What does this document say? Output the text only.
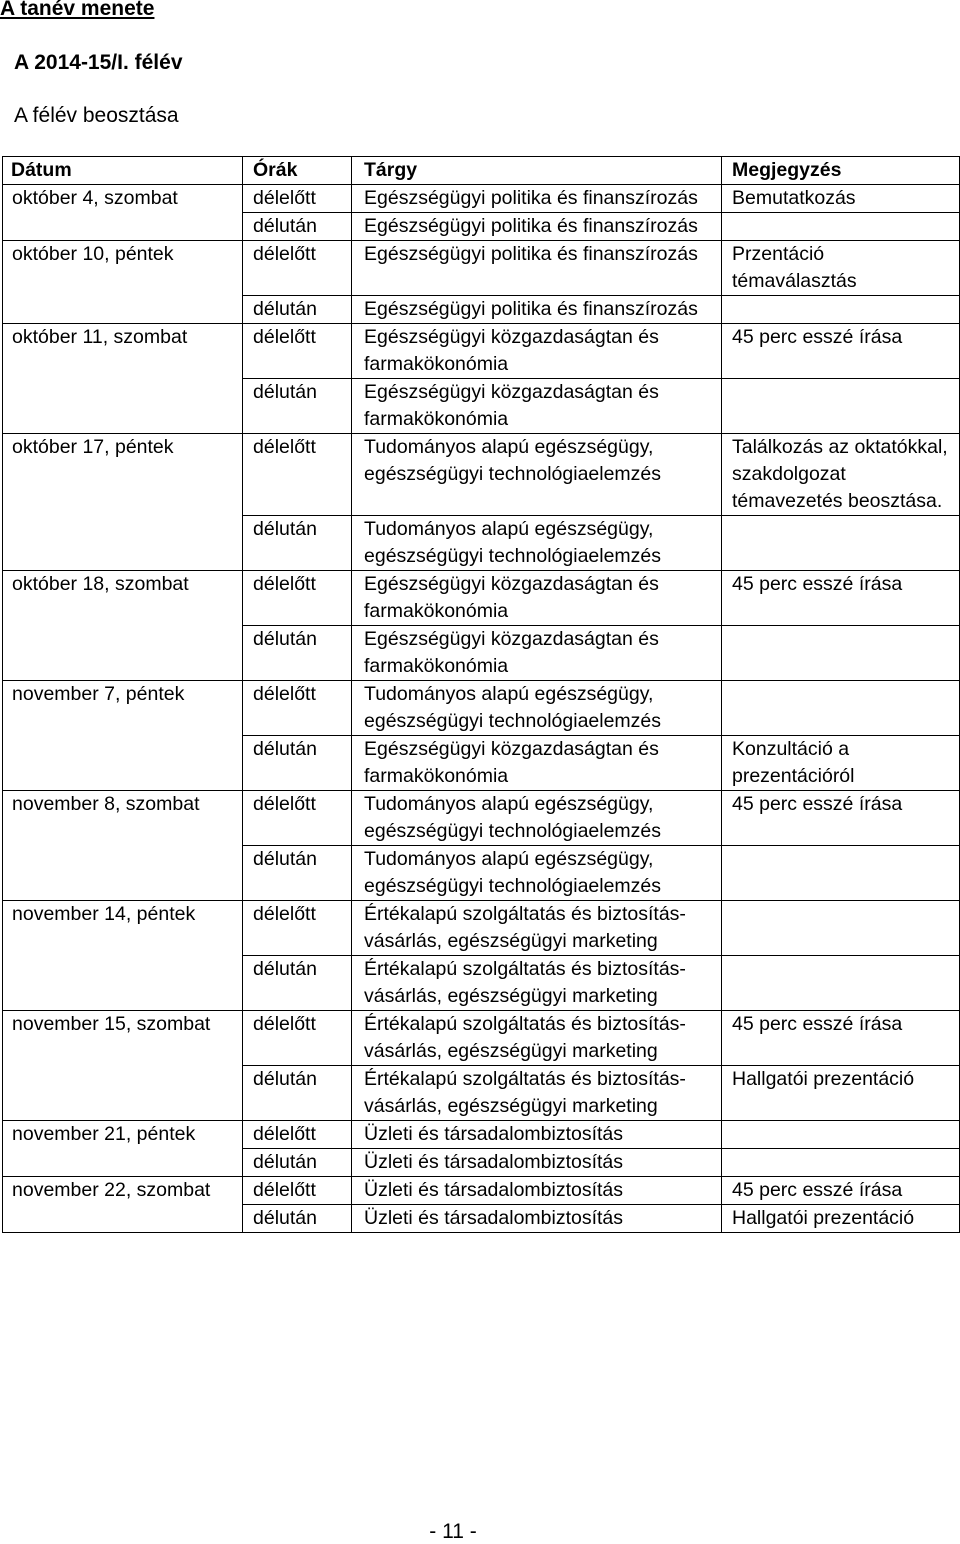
A tanév menete
A 2014-15/I. félév
A félév beosztása
Dátum	Órák	Tárgy	Megjegyzés
október 4, szombat	délelőtt	Egészségügyi politika és finanszírozás	Bemutatkozás
	délután	Egészségügyi politika és finanszírozás	
október 10, péntek	délelőtt	Egészségügyi politika és finanszírozás	Przentáció témaválasztás
	délután	Egészségügyi politika és finanszírozás	
október 11, szombat	délelőtt	Egészségügyi közgazdaságtan és farmakökonómia	45 perc esszé írása
	délután	Egészségügyi közgazdaságtan és farmakökonómia	
október 17, péntek	délelőtt	Tudományos alapú egészségügy, egészségügyi technológiaelemzés	Találkozás az oktatókkal, szakdolgozat témavezetés beosztása.
	délután	Tudományos alapú egészségügy, egészségügyi technológiaelemzés	
október 18, szombat	délelőtt	Egészségügyi közgazdaságtan és farmakökonómia	45 perc esszé írása
	délután	Egészségügyi közgazdaságtan és farmakökonómia	
november 7, péntek	délelőtt	Tudományos alapú egészségügy, egészségügyi technológiaelemzés	
	délután	Egészségügyi közgazdaságtan és farmakökonómia	Konzultáció a prezentációról
november 8, szombat	délelőtt	Tudományos alapú egészségügy, egészségügyi technológiaelemzés	45 perc esszé írása
	délután	Tudományos alapú egészségügy, egészségügyi technológiaelemzés	
november 14, péntek	délelőtt	Értékalapú szolgáltatás és biztosítás-vásárlás, egészségügyi marketing	
	délután	Értékalapú szolgáltatás és biztosítás-vásárlás, egészségügyi marketing	
november 15, szombat	délelőtt	Értékalapú szolgáltatás és biztosítás-vásárlás, egészségügyi marketing	45 perc esszé írása
	délután	Értékalapú szolgáltatás és biztosítás-vásárlás, egészségügyi marketing	Hallgatói prezentáció
november 21, péntek	délelőtt	Üzleti és társadalombiztosítás	
	délután	Üzleti és társadalombiztosítás	
november 22, szombat	délelőtt	Üzleti és társadalombiztosítás	45 perc esszé írása
	délután	Üzleti és társadalombiztosítás	Hallgatói prezentáció
- 11 -
